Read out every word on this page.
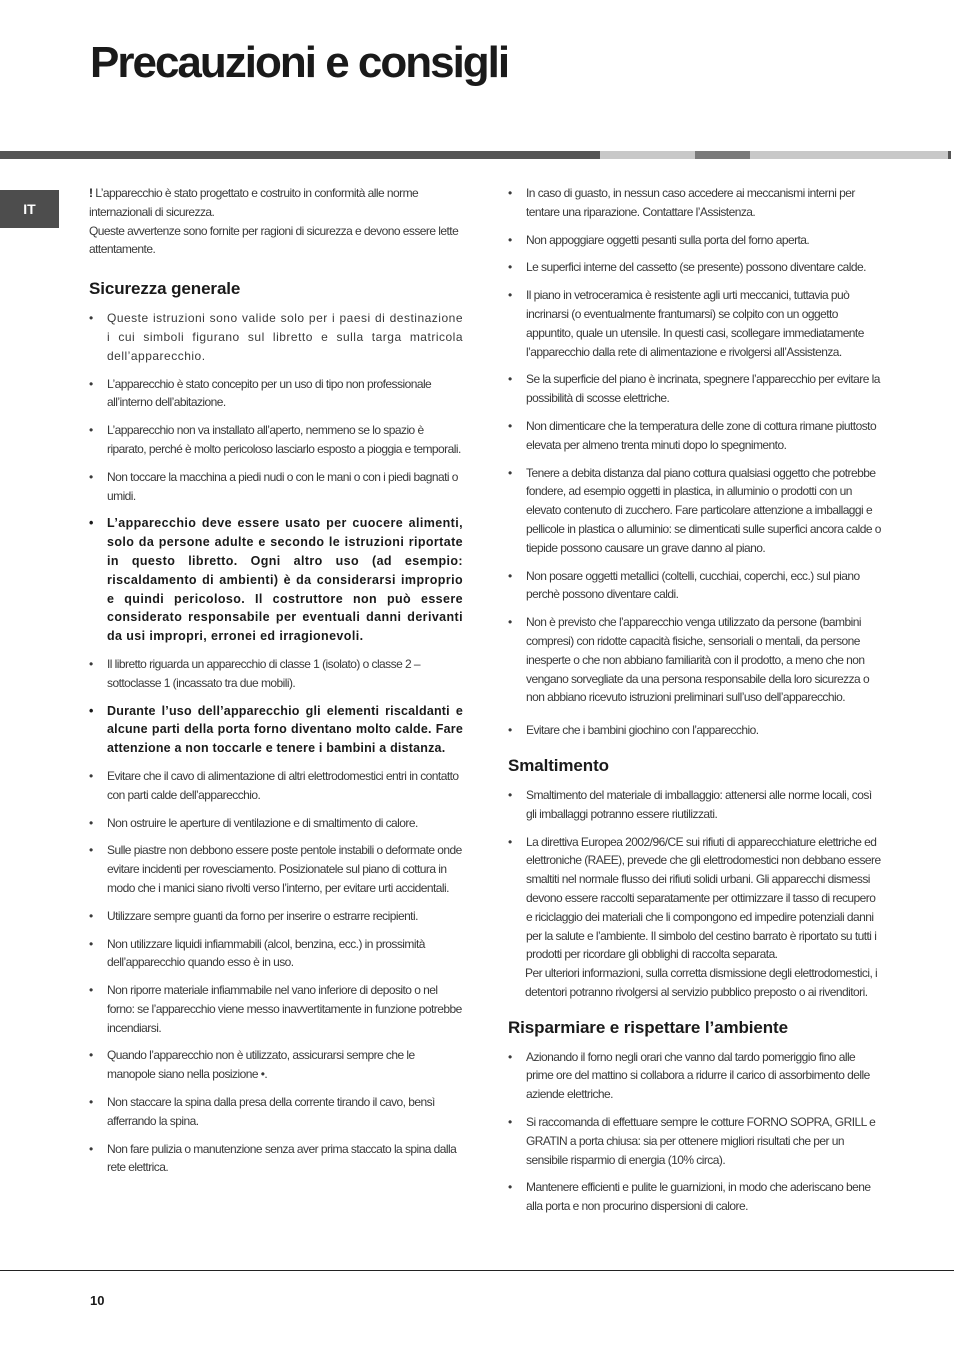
Precauzioni e consigli
IT

! L’apparecchio è stato progettato e costruito in conformità alle norme internazionali di sicurezza.

Queste avvertenze sono fornite per ragioni di sicurezza e devono essere lette attentamente.

Sicurezza generale
• Queste istruzioni sono valide solo per i paesi di destinazione i cui simboli figurano sul libretto e sulla targa matricola dell’apparecchio.
• L’apparecchio è stato concepito per un uso di tipo non professionale all’interno dell’abitazione.
• L’apparecchio non va installato all’aperto, nemmeno se lo spazio è riparato, perché è molto pericoloso lasciarlo esposto a pioggia e temporali.
• Non toccare la macchina a piedi nudi o con le mani o con i piedi bagnati o umidi.
• L’apparecchio deve essere usato per cuocere alimenti, solo da persone adulte e secondo le istruzioni riportate in questo libretto. Ogni altro uso (ad esempio: riscaldamento di ambienti) è da considerarsi improprio e quindi pericoloso. Il costruttore non può essere considerato responsabile per eventuali danni derivanti da usi impropri, erronei ed irragionevoli.
• Il libretto riguarda un apparecchio di classe 1 (isolato) o classe 2 – sottoclasse 1 (incassato tra due mobili).
• Durante l’uso dell’apparecchio gli elementi riscaldanti e alcune parti della porta forno diventano molto calde. Fare attenzione a non toccarle e tenere i bambini a distanza.
• Evitare che il cavo di alimentazione di altri elettrodomestici entri in contatto con parti calde dell’apparecchio.
• Non ostruire le aperture di ventilazione e di smaltimento di calore.
• Sulle piastre non debbono essere poste pentole instabili o deformate onde evitare incidenti per rovesciamento. Posizionatele sul piano di cottura in modo che i manici siano rivolti verso l’interno, per evitare urti accidentali.
• Utilizzare sempre guanti da forno per inserire o estrarre recipienti.
• Non utilizzare liquidi infiammabili (alcol, benzina, ecc.) in prossimità dell’apparecchio quando esso è in uso.
• Non riporre materiale infiammabile nel vano inferiore di deposito o nel forno: se l’apparecchio viene messo inavvertitamente in funzione potrebbe incendiarsi.
• Quando l’apparecchio non è utilizzato, assicurarsi sempre che le manopole siano nella posizione •.
• Non staccare la spina dalla presa della corrente tirando il cavo, bensì afferrando la spina.
• Non fare pulizia o manutenzione senza aver prima staccato la spina dalla rete elettrica.
• In caso di guasto, in nessun caso accedere ai meccanismi interni per tentare una riparazione. Contattare l’Assistenza.
• Non appoggiare oggetti pesanti sulla porta del forno aperta.
• Le superfici interne del cassetto (se presente) possono diventare calde.
• Il piano in vetroceramica è resistente agli urti meccanici, tuttavia può incrinarsi (o eventualmente frantumarsi) se colpito con un oggetto appuntito, quale un utensile. In questi casi, scollegare immediatamente l’apparecchio dalla rete di alimentazione e rivolgersi all’Assistenza.
• Se la superficie del piano è incrinata, spegnere l’apparecchio per evitare la possibilità di scosse elettriche.
• Non dimenticare che la temperatura delle zone di cottura rimane piuttosto elevata per almeno trenta minuti dopo lo spegnimento.
• Tenere a debita distanza dal piano cottura qualsiasi oggetto che potrebbe fondere, ad esempio oggetti in plastica, in alluminio o prodotti con un elevato contenuto di zucchero. Fare particolare attenzione a imballaggi e pellicole in plastica o alluminio: se dimenticati sulle superfici ancora calde o tiepide possono causare un grave danno al piano.
• Non posare oggetti metallici (coltelli, cucchiai, coperchi, ecc.) sul piano perchè possono diventare caldi.
• Non è previsto che l’apparecchio venga utilizzato da persone (bambini compresi) con ridotte capacità fisiche, sensoriali o mentali, da persone inesperte o che non abbiano familiarità con il prodotto, a meno che non vengano sorvegliate da una persona responsabile della loro sicurezza o non abbiano ricevuto istruzioni preliminari sull’uso dell’apparecchio.
• Evitare che i bambini giochino con l’apparecchio.
Smaltimento
• Smaltimento del materiale di imballaggio: attenersi alle norme locali, così gli imballaggi potranno essere riutilizzati.
• La direttiva Europea 2002/96/CE sui rifiuti di apparecchiature elettriche ed elettroniche (RAEE), prevede che gli elettrodomestici non debbano essere smaltiti nel normale flusso dei rifiuti solidi urbani. Gli apparecchi dismessi devono essere raccolti separatamente per ottimizzare il tasso di recupero e riciclaggio dei materiali che li compongono ed impedire potenziali danni per la salute e l’ambiente. Il simbolo del cestino barrato è riportato su tutti i prodotti per ricordare gli obblighi di raccolta separata.

Per ulteriori informazioni, sulla corretta dismissione degli elettrodomestici, i detentori potranno rivolgersi al servizio pubblico preposto o ai rivenditori.

Risparmiare e rispettare l’ambiente
• Azionando il forno negli orari che vanno dal tardo pomeriggio fino alle prime ore del mattino si collabora a ridurre il carico di assorbimento delle aziende elettriche.
• Si raccomanda di effettuare sempre le cotture FORNO SOPRA, GRILL e GRATIN a porta chiusa: sia per ottenere migliori risultati che per un sensibile risparmio di energia (10% circa).
• Mantenere efficienti e pulite le guarnizioni, in modo che aderiscano bene alla porta e non procurino dispersioni di calore.
10
